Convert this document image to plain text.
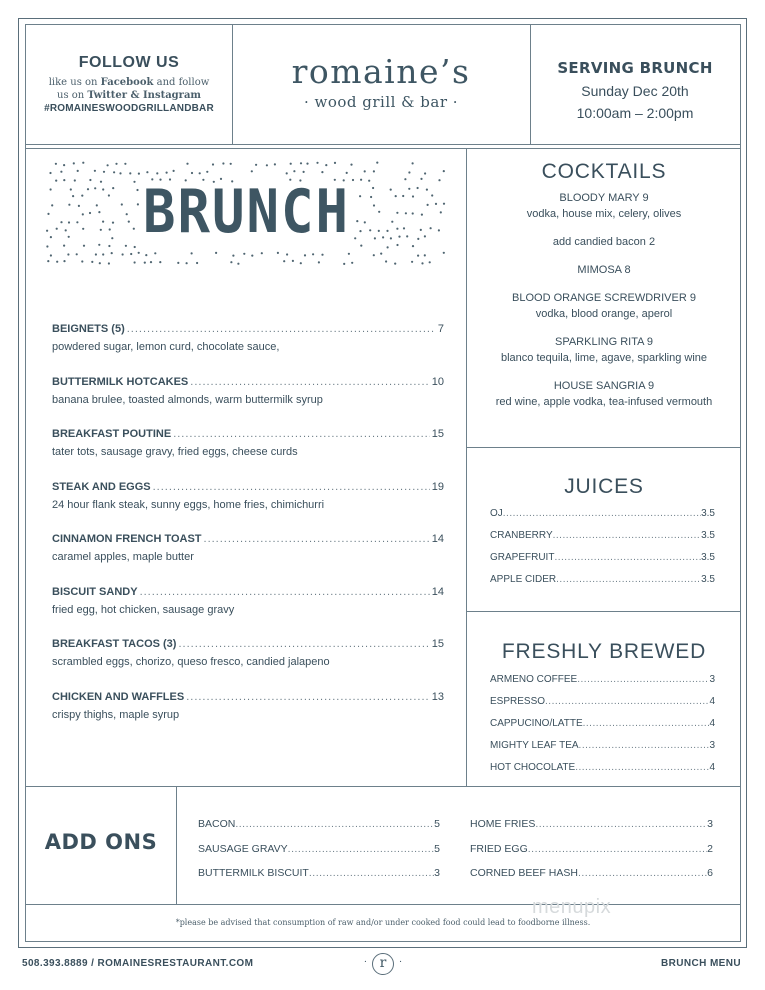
FOLLOW US
like us on Facebook and follow
us on Twitter & Instagram
#ROMAINESWOODGRILLANDBAR
romaine’s
· wood grill & bar ·
SERVING BRUNCH
Sunday Dec 20th
10:00am – 2:00pm
BRUNCH
BEIGNETS (5) .....	7
powdered sugar, lemon curd, chocolate sauce,
BUTTERMILK HOTCAKES .....	10
banana brulee, toasted almonds, warm buttermilk syrup
BREAKFAST POUTINE .....	15
tater tots, sausage gravy, fried eggs, cheese curds
STEAK AND EGGS .....	19
24 hour flank steak, sunny eggs, home fries, chimichurri
CINNAMON FRENCH TOAST .....	14
caramel apples, maple butter
BISCUIT SANDY .....	14
fried egg, hot chicken, sausage gravy
BREAKFAST TACOS (3) .....	15
scrambled eggs, chorizo, queso fresco, candied jalapeno
CHICKEN AND WAFFLES .....	13
crispy thighs, maple syrup
COCKTAILS
BLOODY MARY 9
vodka, house mix, celery, olives
add candied bacon 2
MIMOSA 8
BLOOD ORANGE SCREWDRIVER 9
vodka, blood orange, aperol
SPARKLING RITA 9
blanco tequila, lime, agave, sparkling wine
HOUSE SANGRIA 9
red wine, apple vodka, tea-infused vermouth
JUICES
OJ .....	3.5
CRANBERRY .....	3.5
GRAPEFRUIT .....	3.5
APPLE CIDER .....	3.5
FRESHLY BREWED
ARMENO COFFEE .....	3
ESPRESSO .....	4
CAPPUCINO/LATTE .....	4
MIGHTY LEAF TEA .....	3
HOT CHOCOLATE .....	4
ADD ONS
BACON .....	5
SAUSAGE GRAVY .....	5
BUTTERMILK BISCUIT .....	3
HOME FRIES .....	3
FRIED EGG .....	2
CORNED BEEF HASH .....	6
*please be advised that consumption of raw and/or under cooked food could lead to foodborne illness.
menupix
508.393.8889 / ROMAINESRESTAURANT.COM	· r ·	BRUNCH MENU
